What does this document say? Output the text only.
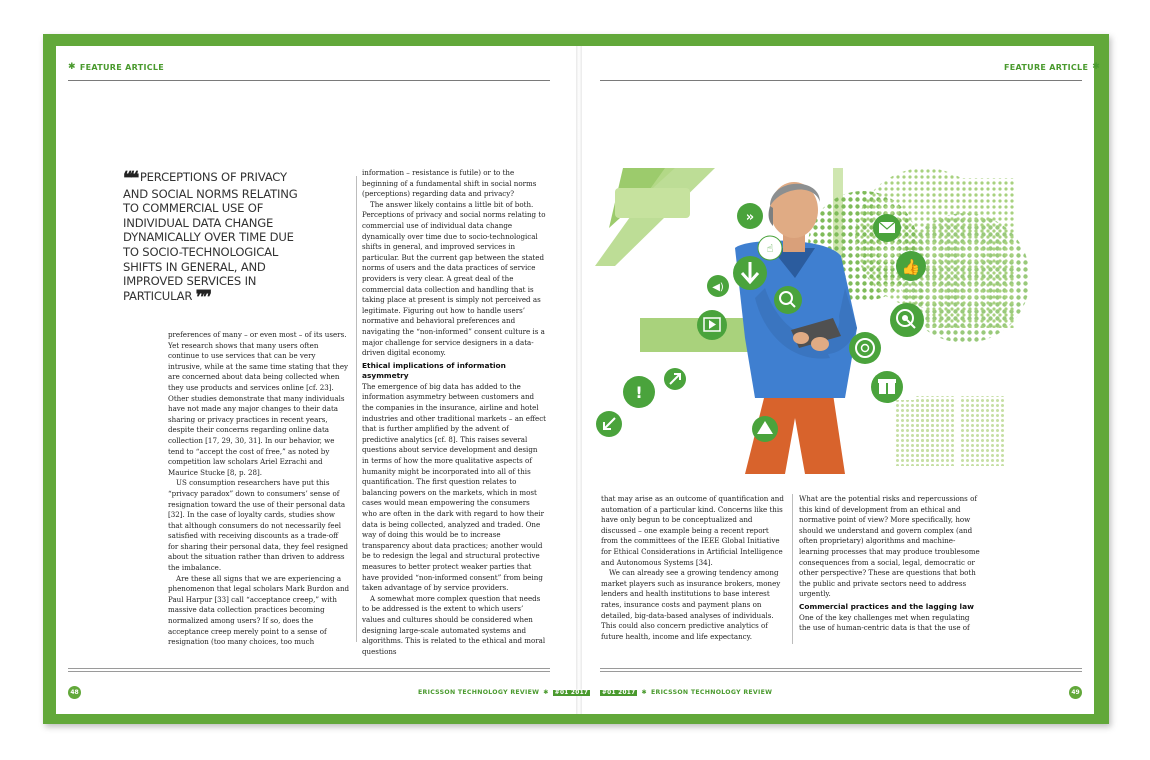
✱ FEATURE ARTICLE	FEATURE ARTICLE ✱
❝❝ PERCEPTIONS OF PRIVACY AND SOCIAL NORMS RELATING TO COMMERCIAL USE OF INDIVIDUAL DATA CHANGE DYNAMICALLY OVER TIME DUE TO SOCIO-TECHNOLOGICAL SHIFTS IN GENERAL, AND IMPROVED SERVICES IN PARTICULAR ❞❞

preferences of many – or even most – of its users. Yet research shows that many users often continue to use services that can be very intrusive, while at the same time stating that they are concerned about data being collected when they use products and services online [cf. 23]. Other studies demonstrate that many individuals have not made any major changes to their data sharing or privacy practices in recent years, despite their concerns regarding online data collection [17, 29, 30, 31]. In our behavior, we tend to “accept the cost of free,” as noted by competition law scholars Ariel Ezrachi and Maurice Stucke [8, p. 28].

US consumption researchers have put this “privacy paradox” down to consumers’ sense of resignation toward the use of their personal data [32]. In the case of loyalty cards, studies show that although consumers do not necessarily feel satisfied with receiving discounts as a trade-off for sharing their personal data, they feel resigned about the situation rather than driven to address the imbalance.

Are these all signs that we are experiencing a phenomenon that legal scholars Mark Burdon and Paul Harpur [33] call “acceptance creep,” with massive data collection practices becoming normalized among users? If so, does the acceptance creep merely point to a sense of resignation (too many choices, too much

information – resistance is futile) or to the beginning of a fundamental shift in social norms (perceptions) regarding data and privacy?

The answer likely contains a little bit of both. Perceptions of privacy and social norms relating to commercial use of individual data change dynamically over time due to socio-technological shifts in general, and improved services in particular. But the current gap between the stated norms of users and the data practices of service providers is very clear. A great deal of the commercial data collection and handling that is taking place at present is simply not perceived as legitimate. Figuring out how to handle users’ normative and behavioral preferences and navigating the “non-informed” consent culture is a major challenge for service designers in a data-driven digital economy.

Ethical implications of information asymmetry

The emergence of big data has added to the information asymmetry between customers and the companies in the insurance, airline and hotel industries and other traditional markets – an effect that is further amplified by the advent of predictive analytics [cf. 8]. This raises several questions about service development and design in terms of how the more qualitative aspects of humanity might be incorporated into all of this quantification. The first question relates to balancing powers on the markets, which in most cases would mean empowering the consumers who are often in the dark with regard to how their data is being collected, analyzed and traded. One way of doing this would be to increase transparency about data practices; another would be to redesign the legal and structural protective measures to better protect weaker parties that have provided “non-informed consent” from being taken advantage of by service providers.

A somewhat more complex question that needs to be addressed is the extent to which users’ values and cultures should be considered when designing large-scale automated systems and algorithms. This is related to the ethical and moral questions

»
☝
◀)
!
👍

that may arise as an outcome of quantification and automation of a particular kind. Concerns like this have only begun to be conceptualized and discussed – one example being a recent report from the committees of the IEEE Global Initiative for Ethical Considerations in Artificial Intelligence and Autonomous Systems [34].

We can already see a growing tendency among market players such as insurance brokers, money lenders and health institutions to base interest rates, insurance costs and payment plans on detailed, big-data-based analyses of individuals. This could also concern predictive analytics of future health, income and life expectancy.

What are the potential risks and repercussions of this kind of development from an ethical and normative point of view? More specifically, how should we understand and govern complex (and often proprietary) algorithms and machine-learning processes that may produce troublesome consequences from a social, legal, democratic or other perspective? These are questions that both the public and private sectors need to address urgently.

Commercial practices and the lagging law

One of the key challenges met when regulating the use of human-centric data is that the use of

48	ERICSSON TECHNOLOGY REVIEW ✱	#01 2017	#01 2017 ✱ ERICSSON TECHNOLOGY REVIEW	49
